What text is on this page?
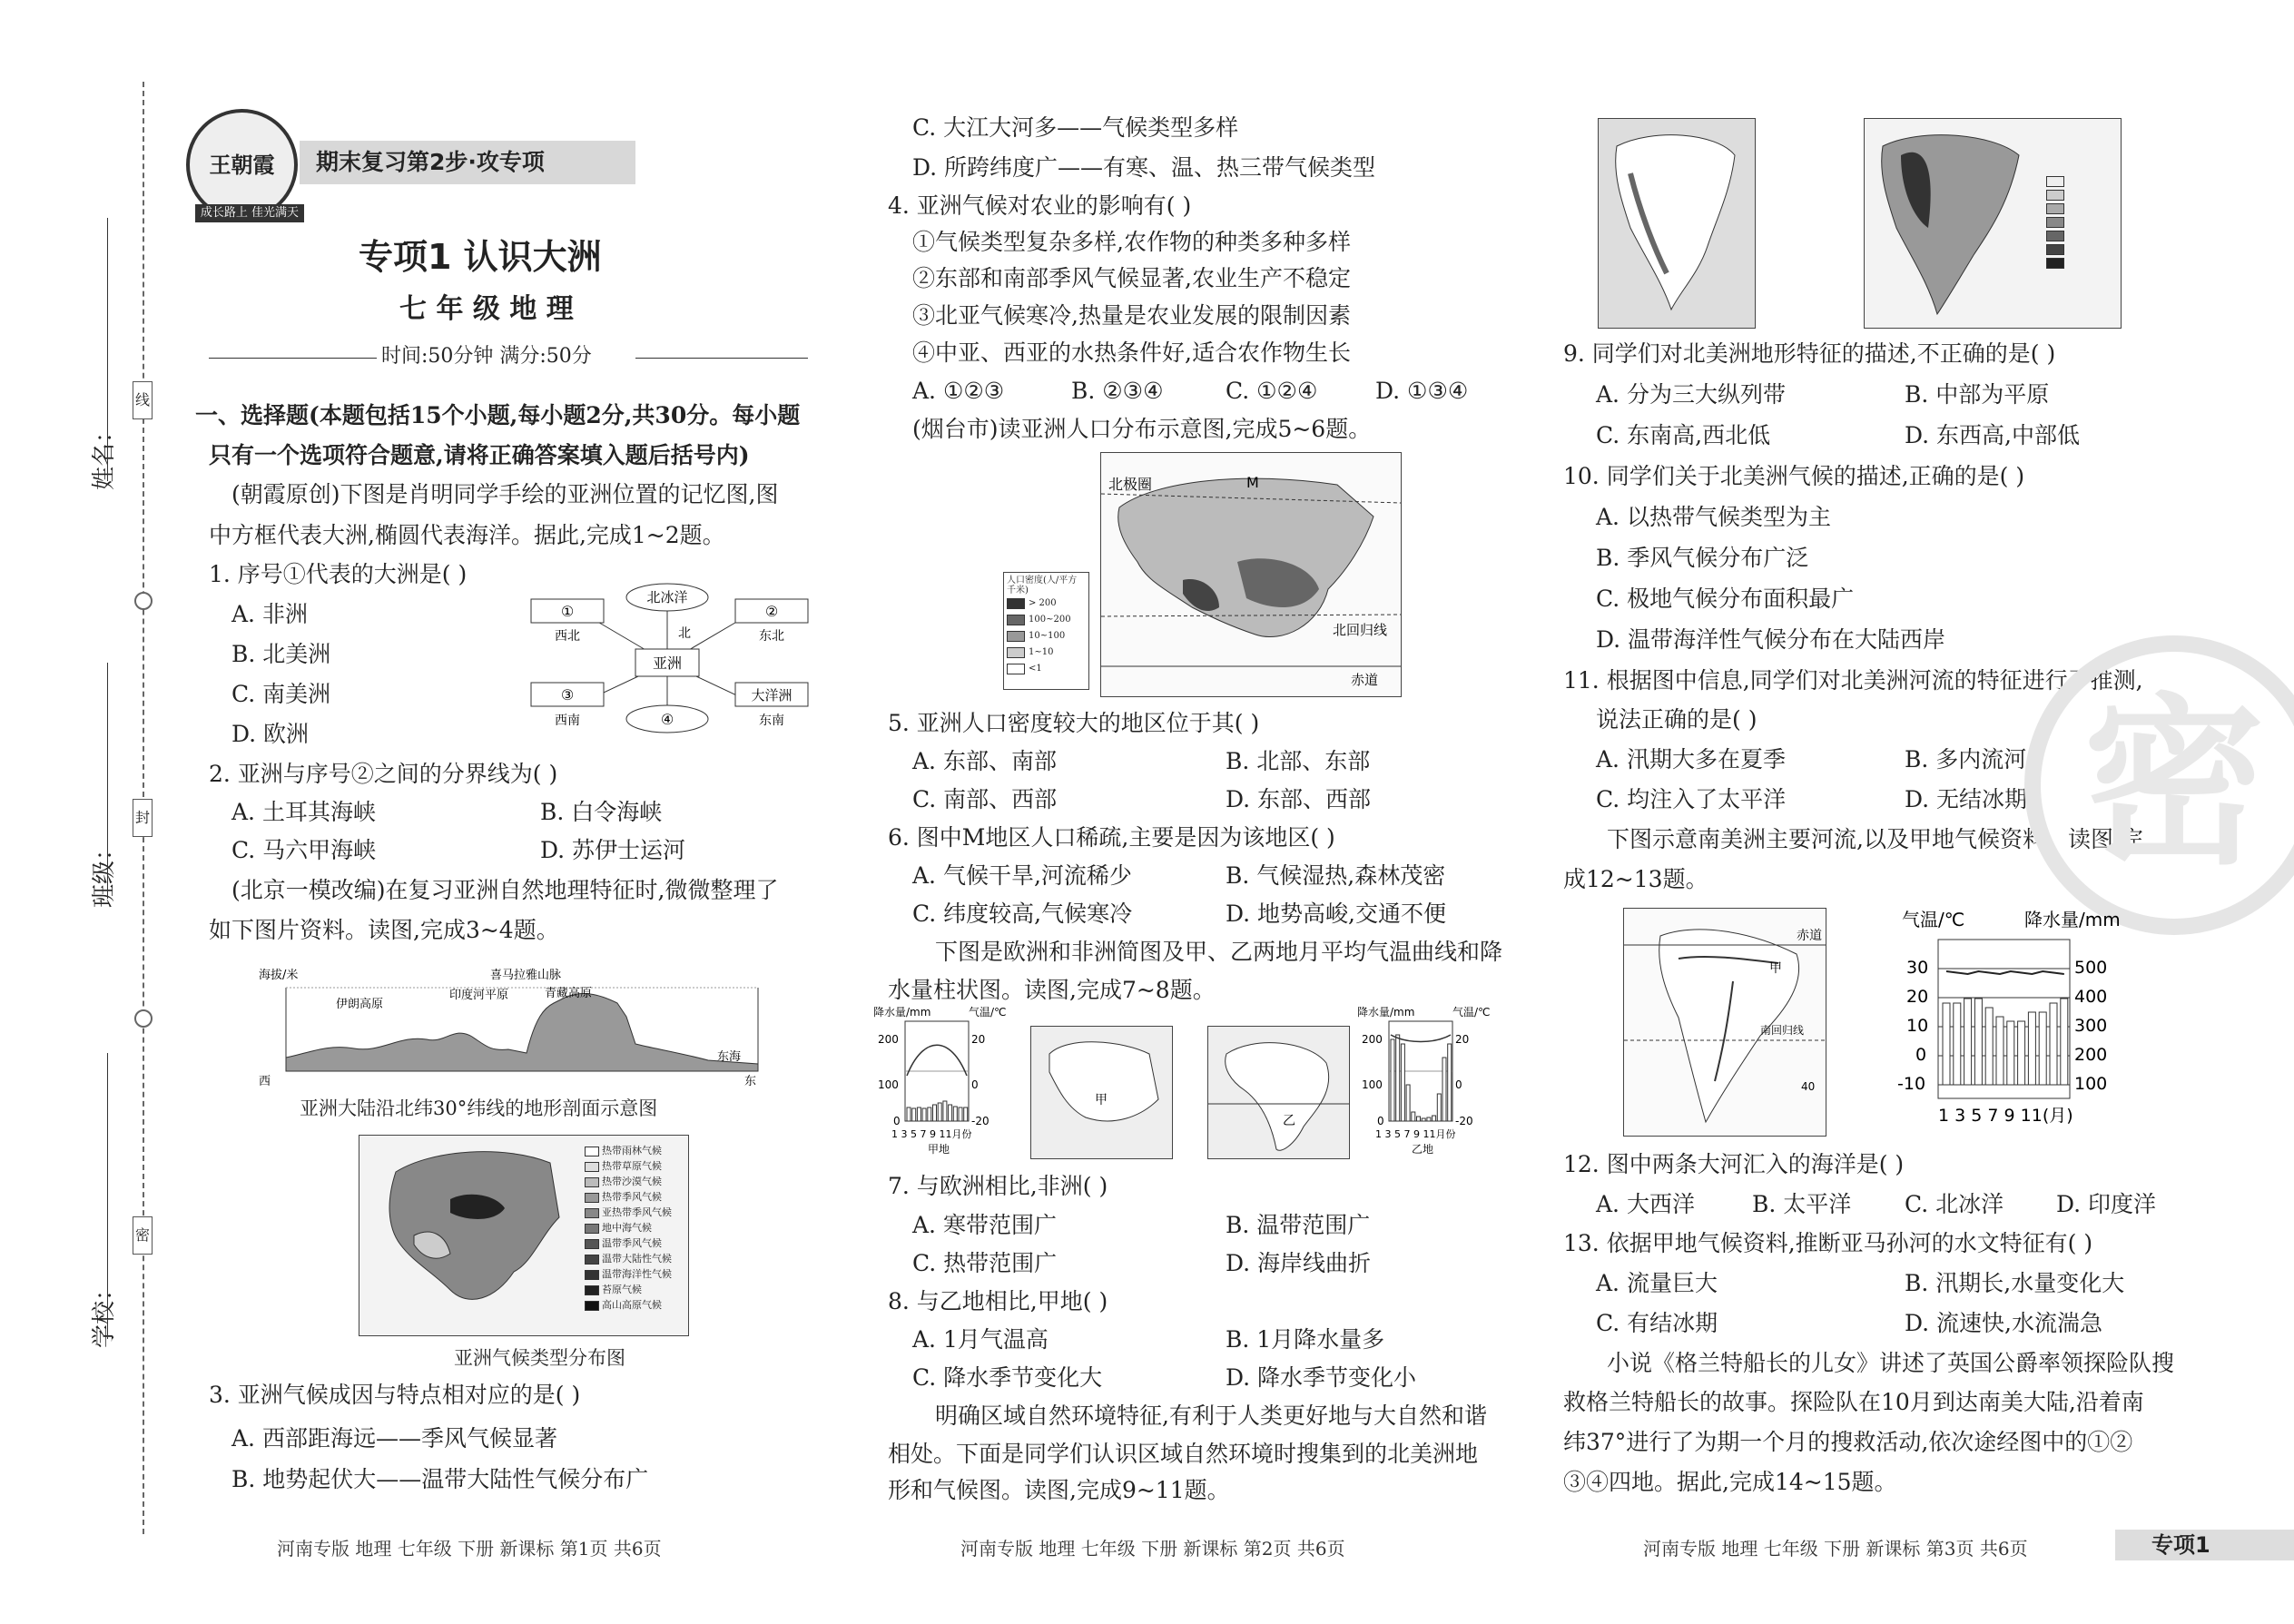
姓名：
班级：
学校：
线
封
密
王朝霞
成长路上 佳光满天
期末复习第2步·攻专项
专项1 认识大洲
七 年 级 地 理
时间:50分钟 满分:50分
一、选择题(本题包括15个小题,每小题2分,共30分。每小题
只有一个选项符合题意,请将正确答案填入题后括号内)
(朝霞原创)下图是肖明同学手绘的亚洲位置的记忆图,图
中方框代表大洲,椭圆代表海洋。据此,完成1~2题。
1. 序号①代表的大洲是( )
A. 非洲
B. 北美洲
C. 南美洲
D. 欧洲
①	②
③	大洋洲
亚洲
北冰洋
④
西北	东北
西南	东南
北
2. 亚洲与序号②之间的分界线为( )
A. 土耳其海峡	B. 白令海峡
C. 马六甲海峡	D. 苏伊士运河
(北京一模改编)在复习亚洲自然地理特征时,微微整理了
如下图片资料。读图,完成3~4题。
海拔/米
伊朗高原
印度河平原
喜马拉雅山脉
青藏高原
东海
西	东
亚洲大陆沿北纬30°纬线的地形剖面示意图
热带雨林气候
热带草原气候
热带沙漠气候
热带季风气候
亚热带季风气候
地中海气候
温带季风气候
温带大陆性气候
温带海洋性气候
苔原气候
高山高原气候
亚洲气候类型分布图
3. 亚洲气候成因与特点相对应的是( )
A. 西部距海远——季风气候显著
B. 地势起伏大——温带大陆性气候分布广
河南专版 地理 七年级 下册 新课标 第1页 共6页
C. 大江大河多——气候类型多样
D. 所跨纬度广——有寒、温、热三带气候类型
4. 亚洲气候对农业的影响有( )
①气候类型复杂多样,农作物的种类多种多样
②东部和南部季风气候显著,农业生产不稳定
③北亚气候寒冷,热量是农业发展的限制因素
④中亚、西亚的水热条件好,适合农作物生长
A. ①②③	B. ②③④	C. ①②④	D. ①③④
(烟台市)读亚洲人口分布示意图,完成5~6题。
北极圈	M
北回归线
赤道
人口密度(人/平方千米)
> 200
100~200
10~100
1~10
<1
5. 亚洲人口密度较大的地区位于其( )
A. 东部、南部	B. 北部、东部
C. 南部、西部	D. 东部、西部
6. 图中M地区人口稀疏,主要是因为该地区( )
A. 气候干旱,河流稀少	B. 气候湿热,森林茂密
C. 纬度较高,气候寒冷	D. 地势高峻,交通不便
下图是欧洲和非洲简图及甲、乙两地月平均气温曲线和降
水量柱状图。读图,完成7~8题。
降水量/mm	气温/℃
200
100
0
20
0
-20
1 3 5 7 9 11月份
甲地
甲
乙
降水量/mm	气温/℃
200
100
0
20
0
-20
1 3 5 7 9 11月份
乙地
7. 与欧洲相比,非洲( )
A. 寒带范围广	B. 温带范围广
C. 热带范围广	D. 海岸线曲折
8. 与乙地相比,甲地( )
A. 1月气温高	B. 1月降水量多
C. 降水季节变化大	D. 降水季节变化小
明确区域自然环境特征,有利于人类更好地与大自然和谐
相处。下面是同学们认识区域自然环境时搜集到的北美洲地
形和气候图。读图,完成9~11题。
河南专版 地理 七年级 下册 新课标 第2页 共6页
9. 同学们对北美洲地形特征的描述,不正确的是( )
A. 分为三大纵列带	B. 中部为平原
C. 东南高,西北低	D. 东西高,中部低
10. 同学们关于北美洲气候的描述,正确的是( )
A. 以热带气候类型为主
B. 季风气候分布广泛
C. 极地气候分布面积最广
D. 温带海洋性气候分布在大陆西岸
11. 根据图中信息,同学们对北美洲河流的特征进行了推测,
说法正确的是( )
A. 汛期大多在夏季	B. 多内流河
C. 均注入了太平洋	D. 无结冰期
下图示意南美洲主要河流,以及甲地气候资料。读图,完
成12~13题。	密
赤道
南回归线
甲
40
气温/℃	降水量/mm
30
20
10
0
-10
500
400
300
200
100
1 3 5 7 9 11(月)
12. 图中两条大河汇入的海洋是( )
A. 大西洋	B. 太平洋 C. 北冰洋 D. 印度洋
13. 依据甲地气候资料,推断亚马孙河的水文特征有( )
A. 流量巨大	B. 汛期长,水量变化大
C. 有结冰期	D. 流速快,水流湍急
小说《格兰特船长的儿女》讲述了英国公爵率领探险队搜
救格兰特船长的故事。探险队在10月到达南美大陆,沿着南
纬37°进行了为期一个月的搜救活动,依次途经图中的①②
③④四地。据此,完成14~15题。
河南专版 地理 七年级 下册 新课标 第3页 共6页	专项1
